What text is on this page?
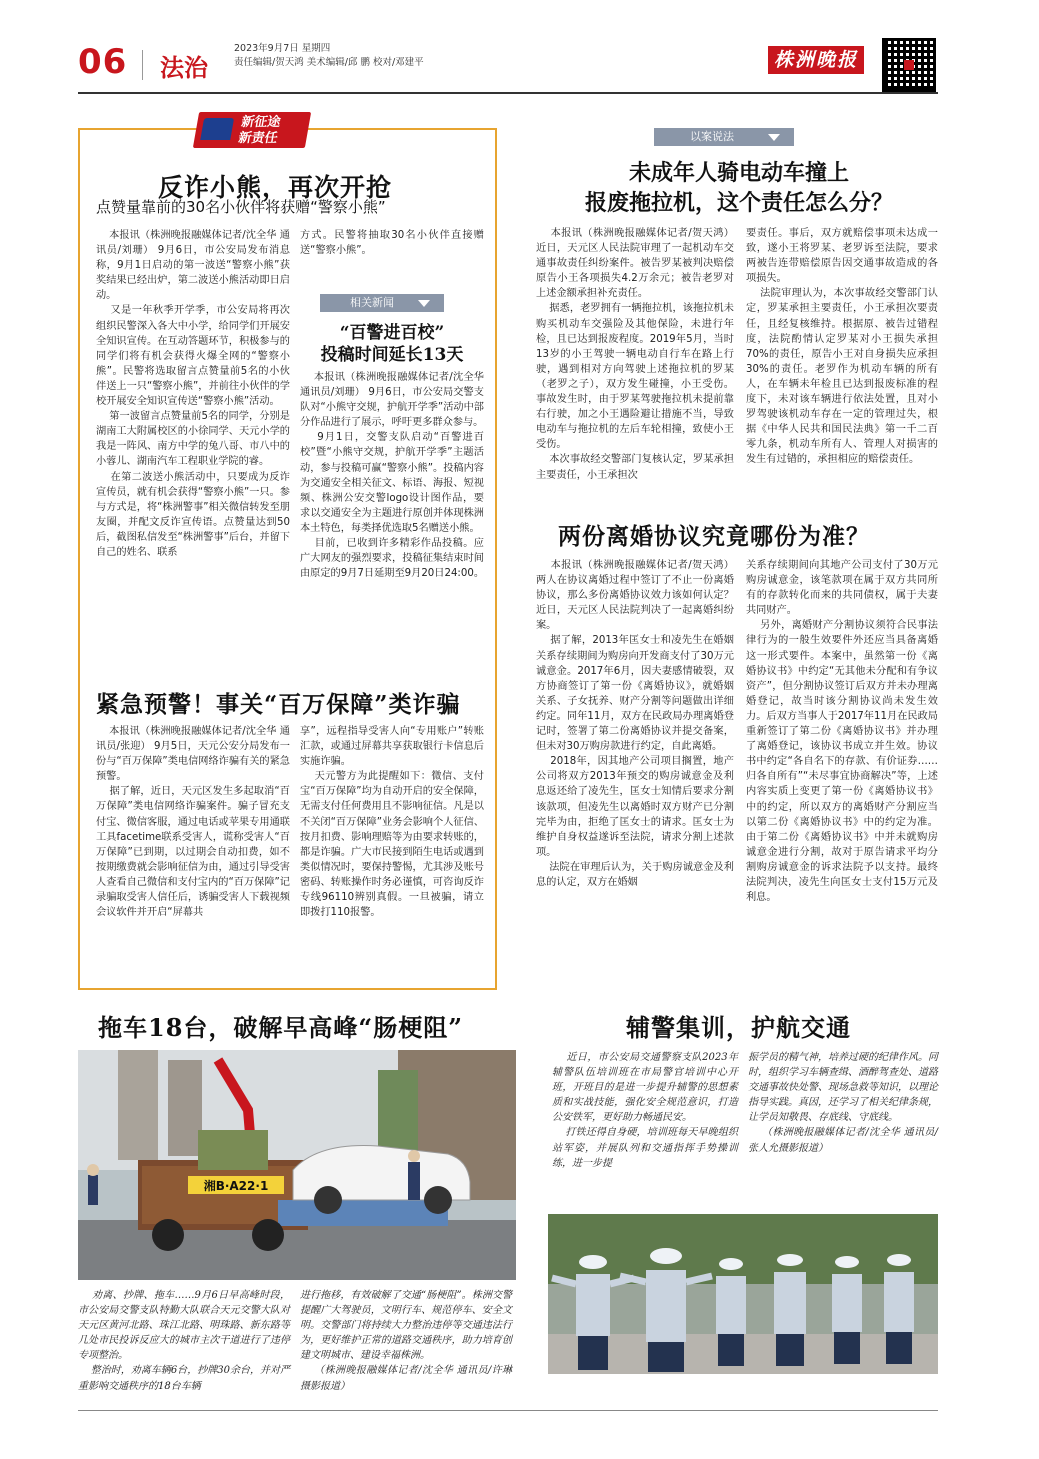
06 法治
2023年9月7日 星期四
责任编辑/贺天鸿 美术编辑/邱 鹏 校对/邓建平	株洲晚报
新征途
新责任
反诈小熊，再次开抢
点赞量靠前的30名小伙伴将获赠“警察小熊”
本报讯（株洲晚报融媒体记者/沈全华 通讯员/刘珊） 9月6日，市公安局发布消息称，9月1日启动的第一波送“警察小熊”获奖结果已经出炉，第二波送小熊活动即日启动。
又是一年秋季开学季，市公安局将再次组织民警深入各大中小学，给同学们开展安全知识宣传。在互动答题环节，积极参与的同学们将有机会获得火爆全网的“警察小熊”。民警将选取留言点赞量前5名的小伙伴送上一只“警察小熊”，并前往小伙伴的学校开展安全知识宣传送“警察小熊”活动。
第一波留言点赞量前5名的同学，分别是湖南工大附属校区的小徐同学、天元小学的我是一阵风、南方中学的兔八哥、市八中的小蓉儿、湖南汽车工程职业学院的睿。
在第二波送小熊活动中，只要成为反诈宣传员，就有机会获得“警察小熊”一只。参与方式是，将“株洲警事”相关微信转发至朋友圈，并配文反诈宣传语。点赞量达到50后，截图私信发至“株洲警事”后台，并留下自己的姓名、联系
方式。民警将抽取30名小伙伴直接赠送“警察小熊”。
相关新闻
“百警进百校”
投稿时间延长13天
本报讯（株洲晚报融媒体记者/沈全华 通讯员/刘珊） 9月6日，市公安局交警支队对“小熊守交规，护航开学季”活动中部分作品进行了展示，呼吁更多群众参与。
9月1日，交警支队启动“百警进百校”暨“小熊守交规，护航开学季”主题活动，参与投稿可赢“警察小熊”。投稿内容为交通安全相关征文、标语、海报、短视频、株洲公安交警logo设计图作品，要求以交通安全为主题进行原创并体现株洲本土特色，每类择优选取5名赠送小熊。
目前，已收到许多精彩作品投稿。应广大网友的强烈要求，投稿征集结束时间由原定的9月7日延期至9月20日24:00。
紧急预警！事关“百万保障”类诈骗
本报讯（株洲晚报融媒体记者/沈全华 通讯员/张迎） 9月5日，天元公安分局发布一份与“百万保障”类电信网络诈骗有关的紧急预警。
据了解，近日，天元区发生多起取消“百万保障”类电信网络诈骗案件。骗子冒充支付宝、微信客服，通过电话或苹果专用通联工具facetime联系受害人，谎称受害人“百万保障”已到期，以过期会自动扣费，如不按期缴费就会影响征信为由，通过引导受害人查看自己微信和支付宝内的“百万保障”记录骗取受害人信任后，诱骗受害人下载视频会议软件并开启“屏幕共
享”，远程指导受害人向“专用账户”转账汇款，或通过屏幕共享获取银行卡信息后实施诈骗。
天元警方为此提醒如下：微信、支付宝“百万保障”均为自动开启的安全保障，无需支付任何费用且不影响征信。凡是以不关闭“百万保障”业务会影响个人征信、按月扣费、影响理赔等为由要求转账的，都是诈骗。广大市民接到陌生电话或遇到类似情况时，要保持警惕，尤其涉及账号密码、转账操作时务必谨慎，可咨询反诈专线96110辨别真假。一旦被骗，请立即拨打110报警。
以案说法
未成年人骑电动车撞上
报废拖拉机，这个责任怎么分？
本报讯（株洲晚报融媒体记者/贺天鸿） 近日，天元区人民法院审理了一起机动车交通事故责任纠纷案件。被告罗某被判决赔偿原告小王各项损失4.2万余元；被告老罗对上述金额承担补充责任。
据悉，老罗拥有一辆拖拉机，该拖拉机未购买机动车交强险及其他保险，未进行年检，且已达到报废程度。2019年5月，当时13岁的小王驾驶一辆电动自行车在路上行驶，遇到相对方向驾驶上述拖拉机的罗某（老罗之子），双方发生碰撞，小王受伤。事故发生时，由于罗某驾驶拖拉机未提前靠右行驶，加之小王遇险避让措施不当，导致电动车与拖拉机的左后车轮相撞，致使小王受伤。
本次事故经交警部门复核认定，罗某承担主要责任，小王承担次
要责任。事后，双方就赔偿事项未达成一致，遂小王将罗某、老罗诉至法院，要求两被告连带赔偿原告因交通事故造成的各项损失。
法院审理认为，本次事故经交警部门认定，罗某承担主要责任，小王承担次要责任，且经复核维持。根据原、被告过错程度，法院酌情认定罗某对小王损失承担70%的责任，原告小王对自身损失应承担30%的责任。老罗作为机动车辆的所有人，在车辆未年检且已达到报废标准的程度下，未对该车辆进行依法处置，且对小罗驾驶该机动车存在一定的管理过失，根据《中华人民共和国民法典》第一千二百零九条，机动车所有人、管理人对损害的发生有过错的，承担相应的赔偿责任。
两份离婚协议究竟哪份为准？
本报讯（株洲晚报融媒体记者/贺天鸿） 两人在协议离婚过程中签订了不止一份离婚协议，那么多份离婚协议效力该如何认定？近日，天元区人民法院判决了一起离婚纠纷案。
据了解，2013年匡女士和凌先生在婚姻关系存续期间为购房向开发商支付了30万元诚意金。2017年6月，因夫妻感情破裂，双方协商签订了第一份《离婚协议》，就婚姻关系、子女抚养、财产分割等问题做出详细约定。同年11月，双方在民政局办理离婚登记时，签署了第二份离婚协议并提交备案，但未对30万购房款进行约定，自此离婚。
2018年，因其地产公司项目搁置，地产公司将双方2013年预交的购房诚意金及利息返还给了凌先生，匡女士知情后要求分割该款项，但凌先生以离婚时双方财产已分割完毕为由，拒绝了匡女士的请求。匡女士为维护自身权益遂诉至法院，请求分割上述款项。
法院在审理后认为，关于购房诚意金及利息的认定，双方在婚姻
关系存续期间向其地产公司支付了30万元购房诚意金，该笔款项在属于双方共同所有的存款转化而来的共同债权，属于夫妻共同财产。
另外，离婚财产分割协议须符合民事法律行为的一般生效要件外还应当具备离婚这一形式要件。本案中，虽然第一份《离婚协议书》中约定“无其他未分配和有争议资产”，但分割协议签订后双方并未办理离婚登记，故当时该分割协议尚未发生效力。后双方当事人于2017年11月在民政局重新签订了第二份《离婚协议书》并办理了离婚登记，该协议书成立并生效。协议书中约定“各自名下的存款、有价证券……归各自所有”“未尽事宜协商解决”等，上述内容实质上变更了第一份《离婚协议书》中的约定，所以双方的离婚财产分割应当以第二份《离婚协议书》中的约定为准。由于第二份《离婚协议书》中并未就购房诚意金进行分割，故对于原告请求平均分割购房诚意金的诉求法院予以支持。最终法院判决，凌先生向匡女士支付15万元及利息。
拖车18台，破解早高峰“肠梗阻”
湘B·A22·1
劝离、抄牌、拖车……9月6日早高峰时段，市公安局交警支队特勤大队联合天元交警大队对天元区黄河北路、珠江北路、明珠路、新东路等几处市民投诉反应大的城市主次干道进行了违停专项整治。
整治时，劝离车辆6台，抄牌30余台，并对严重影响交通秩序的18台车辆
进行拖移，有效破解了交通“肠梗阻”。株洲交警提醒广大驾驶员，文明行车、规范停车、安全文明。交警部门将持续大力整治违停等交通违法行为，更好维护正常的道路交通秩序，助力培育创建文明城市、建设幸福株洲。
（株洲晚报融媒体记者/沈全华 通讯员/许琳摄影报道）
辅警集训，护航交通
近日，市公安局交通警察支队2023年辅警队伍培训班在市局警官培训中心开班，开班目的是进一步提升辅警的思想素质和实战技能，强化安全规范意识，打造公安铁军，更好助力畅通民安。
打铁还得自身硬，培训班每天早晚组织站军姿，并展队列和交通指挥手势操训练，进一步提
振学员的精气神，培养过硬的纪律作风。同时，组织学习车辆查缉、酒醉驾查处、道路交通事故快处警、现场急救等知识，以理论指导实践。真因，还学习了相关纪律条规，让学员知敬畏、存底线、守底线。
（株洲晚报融媒体记者/沈全华 通讯员/张人允摄影报道）
